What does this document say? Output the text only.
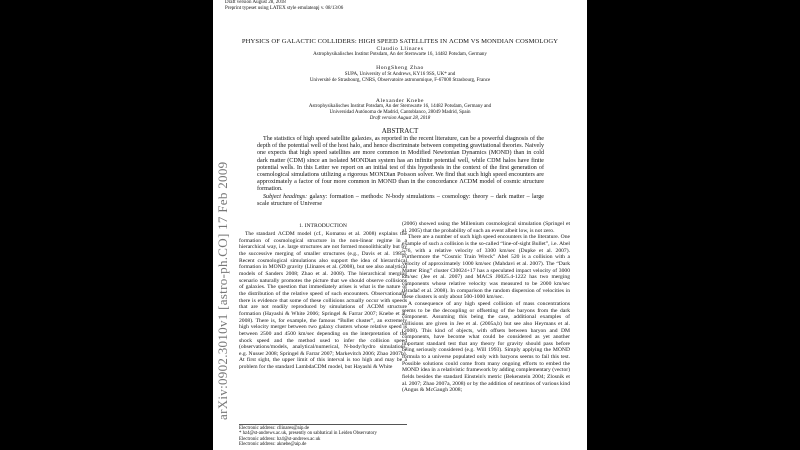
Draft version August 28, 2018
Preprint typeset using LATEX style emulateapj v. 08/13/06
arXiv:0902.3010v1 [astro-ph.CO] 17 Feb 2009
PHYSICS OF GALACTIC COLLIDERS: HIGH SPEED SATELLITES IN ΛCDM VS MONDIAN COSMOLOGY
Claudio Llinares
Astrophysikalisches Institut Potsdam, An der Sternwarte 16, 14482 Potsdam, Germany
HongSheng Zhao
SUPA, University of St Andrews, KY16 9SS, UK* and
Université de Strasbourg, CNRS, Observatoire astronomique, F-67000 Strasbourg, France
Alexander Knebe
Astrophysikalisches Institut Potsdam, An der Sternwarte 16, 14482 Potsdam, Germany and
Universidad Autónoma de Madrid, Cantoblanco, 28049 Madrid, Spain
Draft version August 28, 2018
ABSTRACT
The statistics of high speed satellite galaxies, as reported in the recent literature, can be a powerful diagnosis of the depth of the potential well of the host halo, and hence discriminate between competing gravitational theories. Naively one expects that high speed satellites are more common in Modified Newtonian Dynamics (MOND) than in cold dark matter (CDM) since an isolated MONDian system has an infinite potential well, while CDM halos have finite potential wells. In this Letter we report on an initial test of this hypothesis in the context of the first generation of cosmological simulations utilizing a rigorous MONDian Poisson solver. We find that such high speed encounters are approximately a factor of four more common in MOND than in the concordance ΛCDM model of cosmic structure formation.
Subject headings: galaxy: formation – methods: N-body simulations – cosmology: theory – dark matter – large scale structure of Universe
1. INTRODUCTION

The standard ΛCDM model (cf., Komatsu et al. 2008) explains the formation of cosmological structure in the non-linear regime in a hierarchical way, i.e. large structures are not formed monolithically but by the successive merging of smaller structures (e.g., Davis et al. 1985). Recent cosmological simulations also support the idea of hierarchical formation in MOND gravity (Llinares et al. (2008), but see also analytical models of Sanders 2008; Zhao et al. 2008). The hierarchical merging scenario naturally promotes the picture that we should observe collisions of galaxies. The question that immediately arises is what is the nature of the distribution of the relative speed of such encounters. Observationally there is evidence that some of these collisions actually occur with speeds that are not readily reproduced by simulations of ΛCDM structure formation (Hayashi & White 2006; Springel & Farrar 2007; Knebe et al. 2008). There is, for example, the famous “Bullet cluster”, an extremely high velocity merger between two galaxy clusters whose relative speed is between 2500 and 4500 km/sec depending on the interpretation of the shock speed and the method used to infer the collision speed (observations/models, analytical/numerical, N-body/hydro simulations, e.g. Nusser 2008; Springel & Farrar 2007; Markevitch 2006; Zhao 2007b). At first sight, the upper limit of this interval is too high and may be a problem for the standard LambdaCDM model, but Hayashi & White

(2006) showed using the Millenium cosmological simulation (Springel et al. 2005) that the probability of such an event albeit low, is not zero.

There are a number of such high speed encounters in the literature. One example of such a collision is the so-called “line-of-sight Bullet”, i.e. Abel 576, with a relative velocity of 3300 km/sec (Dupke et al. 2007). Furthermore the “Cosmic Train Wreck” Abel 520 is a collision with a velocity of approximately 1000 km/sec (Mahdavi et al. 2007). The “Dark Matter Ring” cluster Cl0024+17 has a speculated impact velocity of 3000 km/sec (Jee et al. 2007) and MACS J0025.4-1222 has two merging components whose relative velocity was measured to be 2000 km/sec (Bradač et al. 2008). In comparison the random dispersion of velocities in these clusters is only about 500-1000 km/sec.

A consequence of any high speed collision of mass concentrations seems to be the decoupling or offsetting of the baryons from the dark component. Assuming this being the case, additional examples of collisions are given in Jee et al. (2005a,b) but see also Heymans et al. (2008). This kind of objects, with offsets between baryon and DM components, have become what could be considered as yet another important standard test that any theory for gravity should pass before being seriously considered (e.g. Will 1993). Simply applying the MOND formula to a universe populated only with baryons seems to fail this test. Possible solutions could come from many ongoing efforts to embed the MOND idea in a relativistic framework by adding complementary (vector) fields besides the standard Einstein's metric (Bekenstein 2004; Zlosnik et al. 2007; Zhao 2007a, 2008) or by the addition of neutrinos of various kind (Angus & McGaugh 2008;

Electronic address: cllinares@aip.de
* hz4@st-andrews.ac.uk, presently on sabbatical in Leiden Observatory
Electronic address: hz4@st-andrews.ac.uk
Electronic address: aknebe@aip.de
